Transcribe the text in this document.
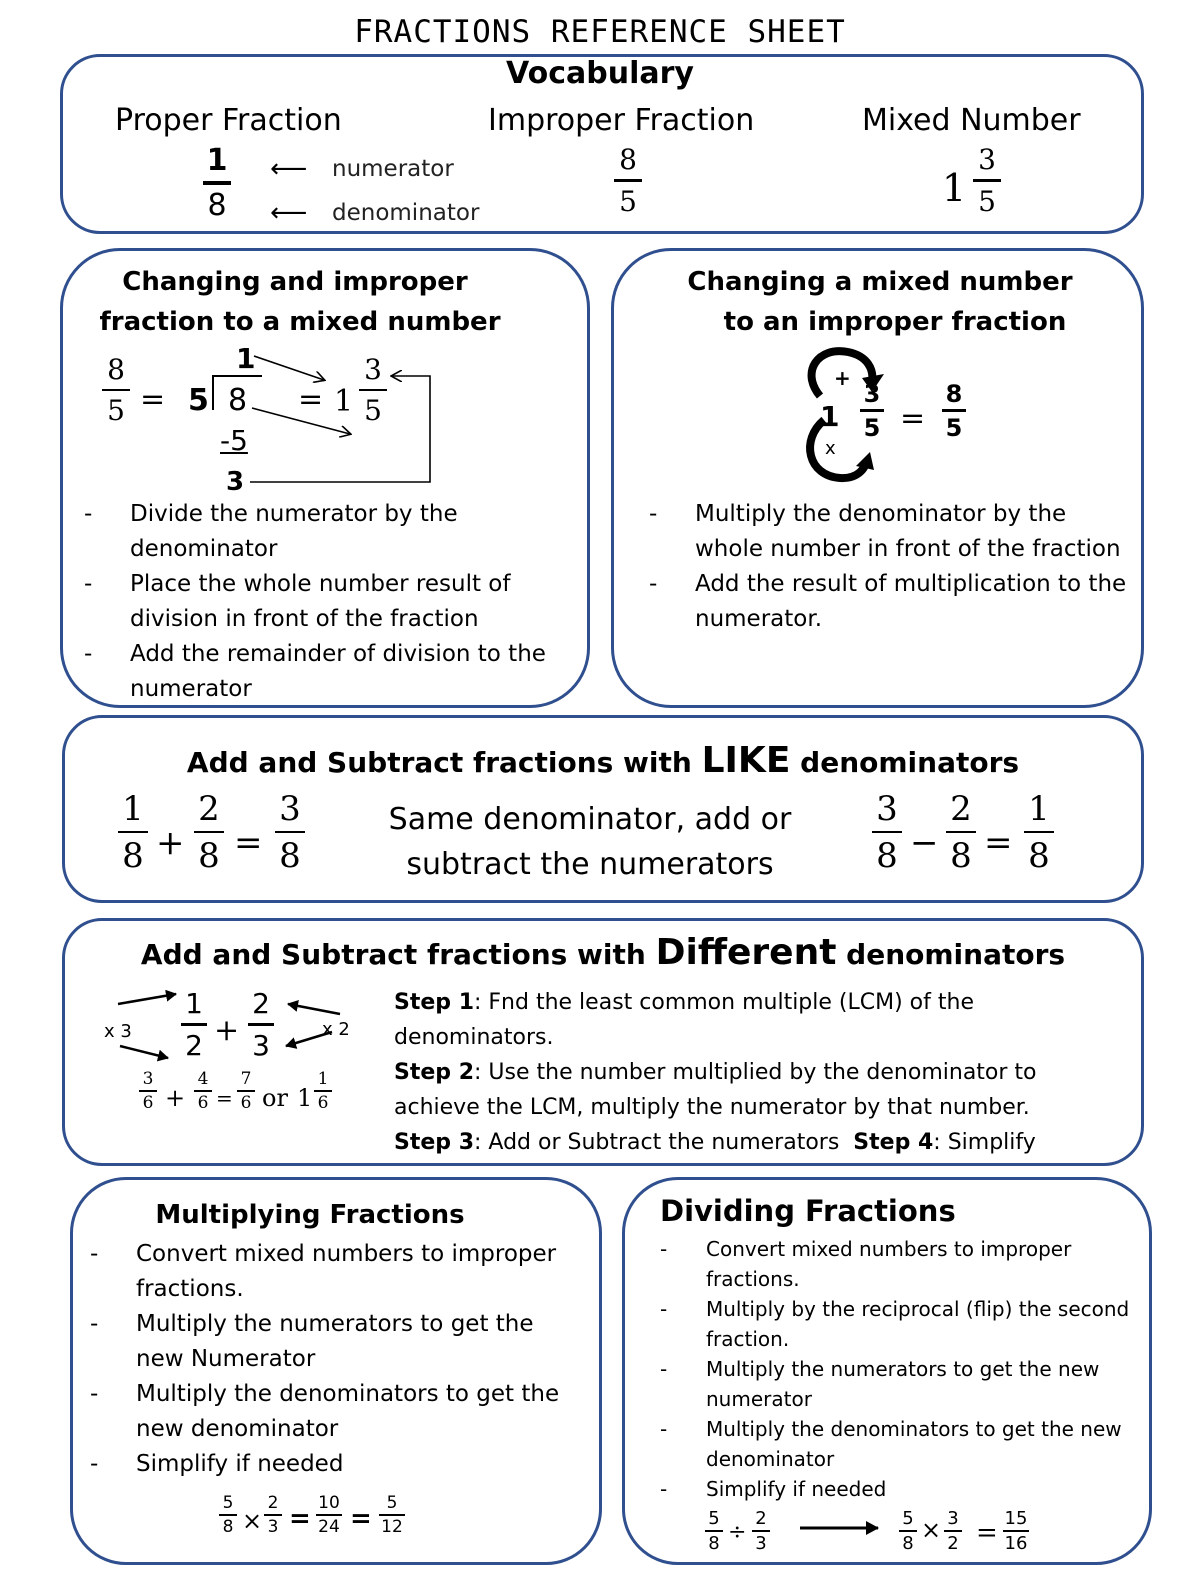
FRACTIONS REFERENCE SHEET
Vocabulary
Proper Fraction
1
8
⟵ numerator
⟵ denominator
Improper Fraction
8
5
Mixed Number
1
3
5
Changing and improper
fraction to a mixed number
8
5 = 5
1
8
-5
3
= 1
3
5
- Divide the numerator by the denominator
- Place the whole number result of division in front of the fraction
- Add the remainder of division to the numerator
Changing a mixed number
to an improper fraction
+
x
1
3
5 =
8
5
- Multiply the denominator by the whole number in front of the fraction
- Add the result of multiplication to the numerator.
Add and Subtract fractions with LIKE denominators
1
8 +
2
8 =
3
8
Same denominator, add or
subtract the numerators
3
8 −
2
8 =
1
8
Add and Subtract fractions with Different denominators
x 3	x 2
1
2 +
2
3
3
6 +
4
6 =
7
6 or 1
1
6
Step 1: Fnd the least common multiple (LCM) of the denominators.
Step 2: Use the number multiplied by the denominator to achieve the LCM, multiply the numerator by that number.
Step 3: Add or Subtract the numerators  Step 4: Simplify
Multiplying Fractions
- Convert mixed numbers to improper fractions.
- Multiply the numerators to get the new Numerator
- Multiply the denominators to get the new denominator
- Simplify if needed
5
8 ×
2
3 =
10
24 =
5
12
Dividing Fractions
- Convert mixed numbers to improper fractions.
- Multiply by the reciprocal (flip) the second fraction.
- Multiply the numerators to get the new numerator
- Multiply the denominators to get the new denominator
- Simplify if needed
5
8 ÷
2
3
5
8 × 3
2 = 15
16
